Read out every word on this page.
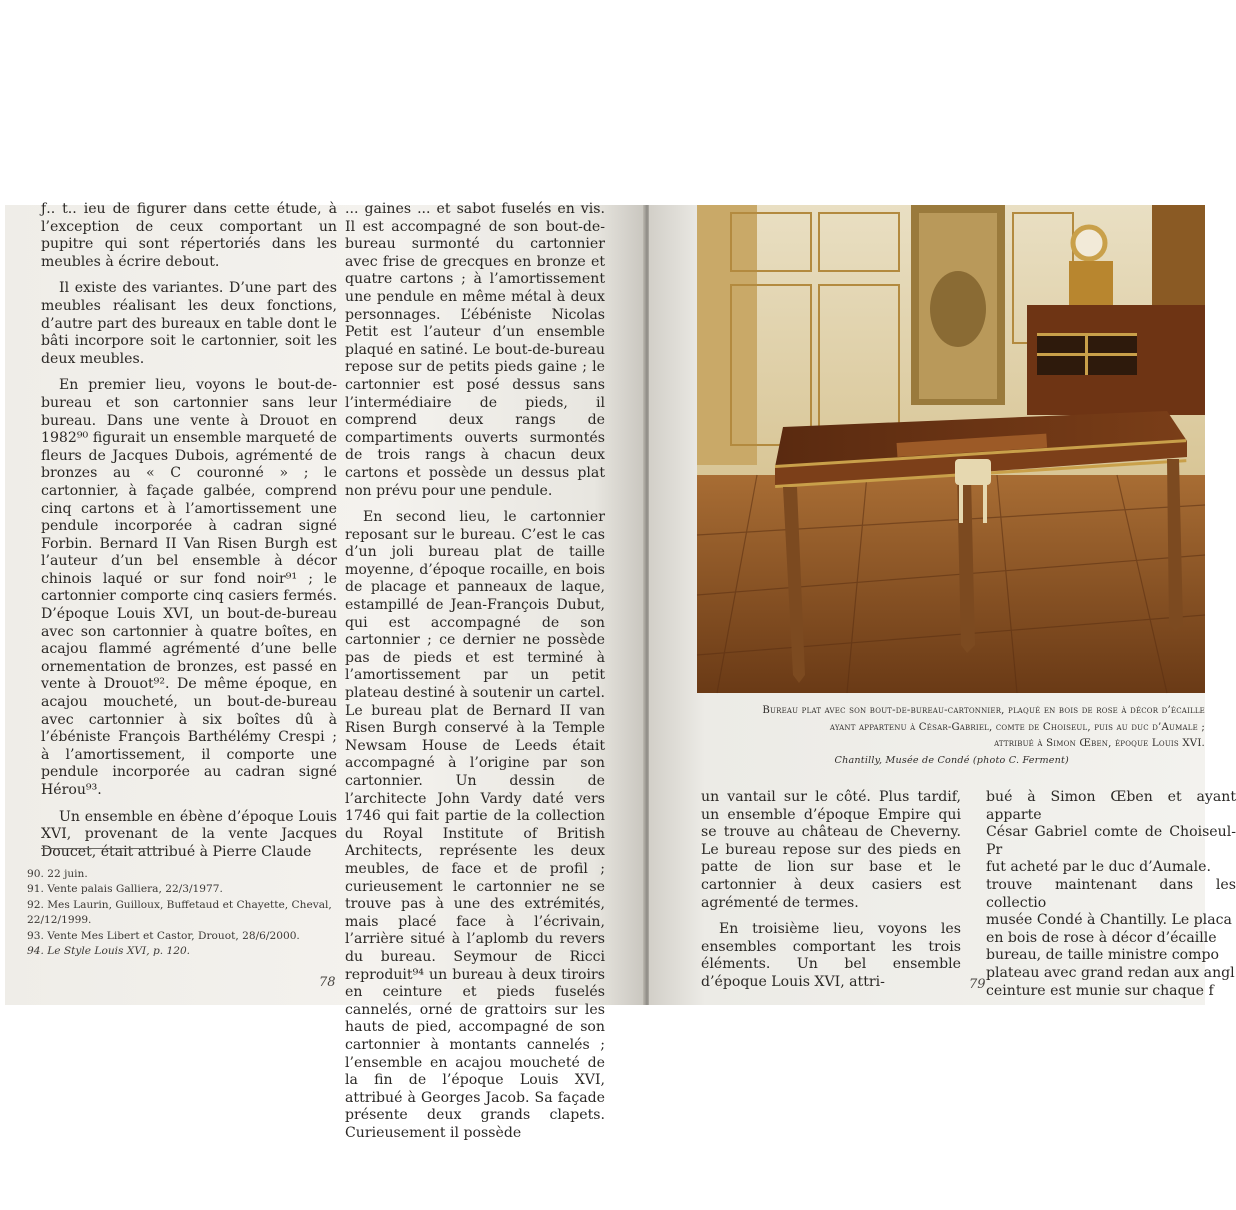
ƒ.. t.. ieu de figurer dans cette étude, à l’exception de ceux comportant un pupitre qui sont répertoriés dans les meubles à écrire debout.

Il existe des variantes. D’une part des meubles réalisant les deux fonctions, d’autre part des bureaux en table dont le bâti incorpore soit le cartonnier, soit les deux meubles.

En premier lieu, voyons le bout-de-bureau et son cartonnier sans leur bureau. Dans une vente à Drouot en 1982⁹⁰ figurait un ensemble marqueté de fleurs de Jacques Dubois, agrémenté de bronzes au « C couronné » ; le cartonnier, à façade galbée, comprend cinq cartons et à l’amortissement une pendule incorporée à cadran signé Forbin. Bernard II Van Risen Burgh est l’auteur d’un bel ensemble à décor chinois laqué or sur fond noir⁹¹ ; le cartonnier comporte cinq casiers fermés. D’époque Louis XVI, un bout-de-bureau avec son cartonnier à quatre boîtes, en acajou flammé agrémenté d’une belle ornementation de bronzes, est passé en vente à Drouot⁹². De même époque, en acajou moucheté, un bout-de-bureau avec cartonnier à six boîtes dû à l’ébéniste François Barthélémy Crespi ; à l’amortissement, il comporte une pendule incorporée au cadran signé Hérou⁹³.

Un ensemble en ébène d’époque Louis XVI, provenant de la vente Jacques Doucet, était attribué à Pierre Claude

90. 22 juin.
91. Vente palais Galliera, 22/3/1977.
92. Mes Laurin, Guilloux, Buffetaud et Chayette, Cheval, 22/12/1999.
93. Vente Mes Libert et Castor, Drouot, 28/6/2000.
94. Le Style Louis XVI, p. 120.

... gaines ... et sabot fuselés en vis. Il est accompagné de son bout-de-bureau surmonté du cartonnier avec frise de grecques en bronze et quatre cartons ; à l’amortissement une pendule en même métal à deux personnages. L’ébéniste Nicolas Petit est l’auteur d’un ensemble plaqué en satiné. Le bout-de-bureau repose sur de petits pieds gaine ; le cartonnier est posé dessus sans l’intermédiaire de pieds, il comprend deux rangs de compartiments ouverts surmontés de trois rangs à chacun deux cartons et possède un dessus plat non prévu pour une pendule.

En second lieu, le cartonnier reposant sur le bureau. C’est le cas d’un joli bureau plat de taille moyenne, d’époque rocaille, en bois de placage et panneaux de laque, estampillé de Jean-François Dubut, qui est accompagné de son cartonnier ; ce dernier ne possède pas de pieds et est terminé à l’amortissement par un petit plateau destiné à soutenir un cartel. Le bureau plat de Bernard II van Risen Burgh conservé à la Temple Newsam House de Leeds était accompagné à l’origine par son cartonnier. Un dessin de l’architecte John Vardy daté vers 1746 qui fait partie de la collection du Royal Institute of British Architects, représente les deux meubles, de face et de profil ; curieusement le cartonnier ne se trouve pas à une des extrémités, mais placé face à l’écrivain, l’arrière situé à l’aplomb du revers du bureau. Seymour de Ricci reproduit⁹⁴ un bureau à deux tiroirs en ceinture et pieds fuselés cannelés, orné de grattoirs sur les hauts de pied, accompagné de son cartonnier à montants cannelés ; l’ensemble en acajou moucheté de la fin de l’époque Louis XVI, attribué à Georges Jacob. Sa façade présente deux grands clapets. Curieusement il possède

78
Bureau plat avec son bout-de-bureau-cartonnier, plaqué en bois de rose à décor d’écaille
ayant appartenu à César-Gabriel, comte de Choiseul, puis au duc d’Aumale ;
attribué à Simon Œben, époque Louis XVI.
Chantilly, Musée de Condé (photo C. Ferment)

un vantail sur le côté. Plus tardif, un ensemble d’époque Empire qui se trouve au château de Cheverny. Le bureau repose sur des pieds en patte de lion sur base et le cartonnier à deux casiers est agrémenté de termes.

En troisième lieu, voyons les ensembles comportant les trois éléments. Un bel ensemble d’époque Louis XVI, attri-

bué à Simon Œben et ayant apparte
César Gabriel comte de Choiseul-Pr
fut acheté par le duc d’Aumale.
trouve maintenant dans les collectio
musée Condé à Chantilly. Le placa
en bois de rose à décor d’écaille
bureau, de taille ministre compo
plateau avec grand redan aux angl
ceinture est munie sur chaque f
79
